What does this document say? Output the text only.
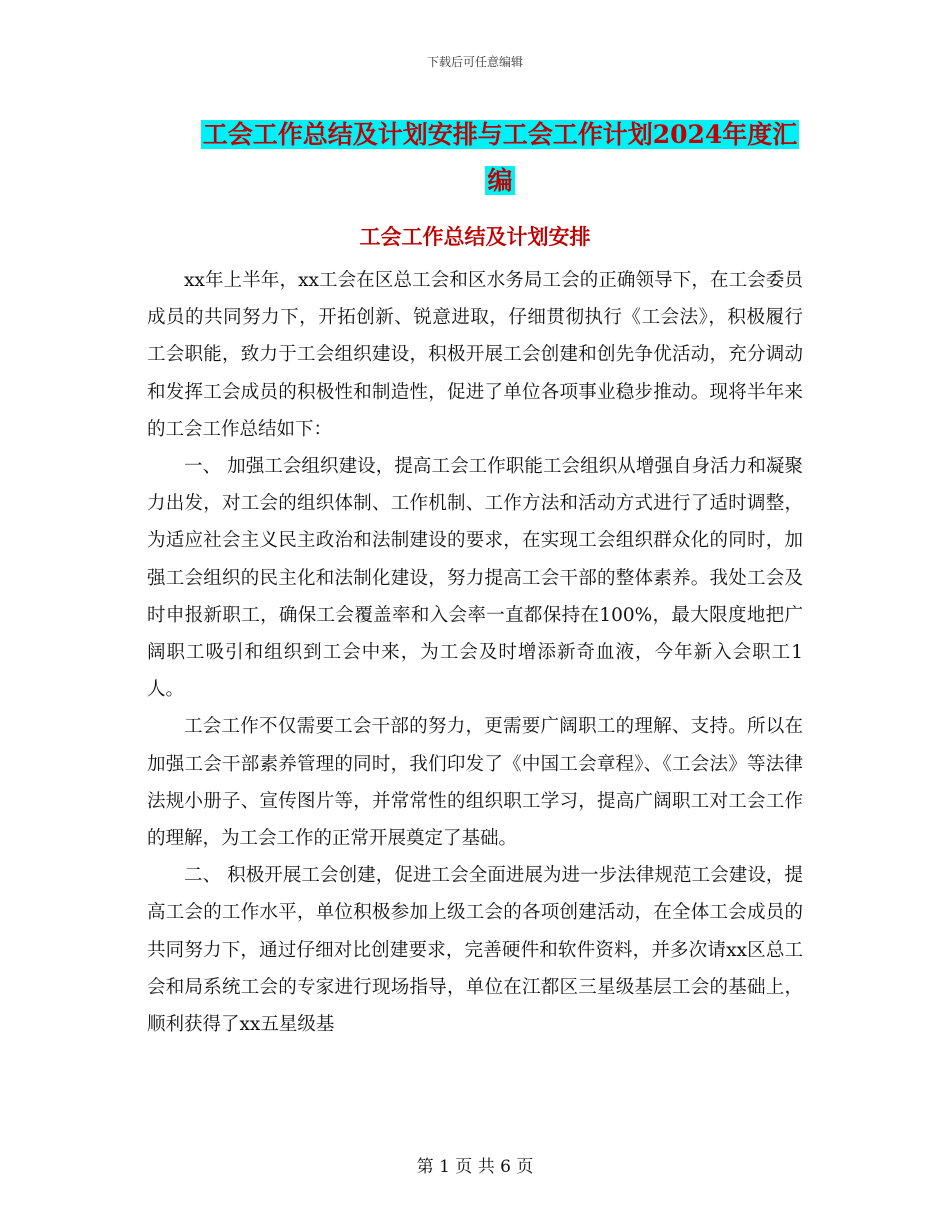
下载后可任意编辑
工会工作总结及计划安排与工会工作计划2024年度汇
编
工会工作总结及计划安排

xx年上半年，xx工会在区总工会和区水务局工会的正确领导下，在工会委员成员的共同努力下，开拓创新、锐意进取，仔细贯彻执行《工会法》，积极履行工会职能，致力于工会组织建设，积极开展工会创建和创先争优活动，充分调动和发挥工会成员的积极性和制造性，促进了单位各项事业稳步推动。现将半年来的工会工作总结如下：

一、 加强工会组织建设，提高工会工作职能工会组织从增强自身活力和凝聚力出发，对工会的组织体制、工作机制、工作方法和活动方式进行了适时调整，为适应社会主义民主政治和法制建设的要求，在实现工会组织群众化的同时，加强工会组织的民主化和法制化建设，努力提高工会干部的整体素养。我处工会及时申报新职工，确保工会覆盖率和入会率一直都保持在100%，最大限度地把广阔职工吸引和组织到工会中来，为工会及时增添新奇血液，今年新入会职工1人。

工会工作不仅需要工会干部的努力，更需要广阔职工的理解、支持。所以在加强工会干部素养管理的同时，我们印发了《中国工会章程》、《工会法》等法律法规小册子、宣传图片等，并常常性的组织职工学习，提高广阔职工对工会工作的理解，为工会工作的正常开展奠定了基础。

二、 积极开展工会创建，促进工会全面进展为进一步法律规范工会建设，提高工会的工作水平，单位积极参加上级工会的各项创建活动，在全体工会成员的共同努力下，通过仔细对比创建要求，完善硬件和软件资料，并多次请xx区总工会和局系统工会的专家进行现场指导，单位在江都区三星级基层工会的基础上，顺利获得了xx五星级基

第 1 页 共 6 页
